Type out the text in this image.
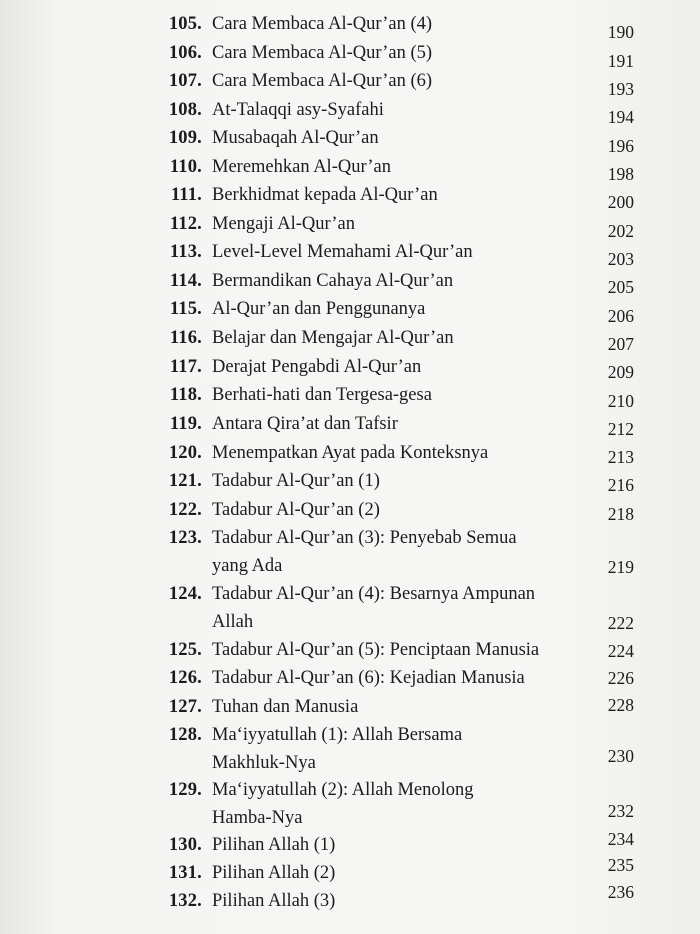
105. Cara Membaca Al-Qur’an (4)	190
106. Cara Membaca Al-Qur’an (5)	191
107. Cara Membaca Al-Qur’an (6)	193
108. At-Talaqqi asy-Syafahi	194
109. Musabaqah Al-Qur’an	196
110. Meremehkan Al-Qur’an	198
111. Berkhidmat kepada Al-Qur’an	200
112. Mengaji Al-Qur’an	202
113. Level-Level Memahami Al-Qur’an	203
114. Bermandikan Cahaya Al-Qur’an	205
115. Al-Qur’an dan Penggunanya	206
116. Belajar dan Mengajar Al-Qur’an	207
117. Derajat Pengabdi Al-Qur’an	209
118. Berhati-hati dan Tergesa-gesa	210
119. Antara Qira’at dan Tafsir	212
120. Menempatkan Ayat pada Konteksnya	213
121. Tadabur Al-Qur’an (1)	216
122. Tadabur Al-Qur’an (2)	218
123. Tadabur Al-Qur’an (3): Penyebab Semua
yang Ada	219
124. Tadabur Al-Qur’an (4): Besarnya Ampunan
Allah	222
125. Tadabur Al-Qur’an (5): Penciptaan Manusia	224
126. Tadabur Al-Qur’an (6): Kejadian Manusia	226
127. Tuhan dan Manusia	228
128. Ma‘iyyatullah (1): Allah Bersama
Makhluk-Nya	230
129. Ma‘iyyatullah (2): Allah Menolong
Hamba-Nya	232
130. Pilihan Allah (1)	234
131. Pilihan Allah (2)	235
132. Pilihan Allah (3)	236
